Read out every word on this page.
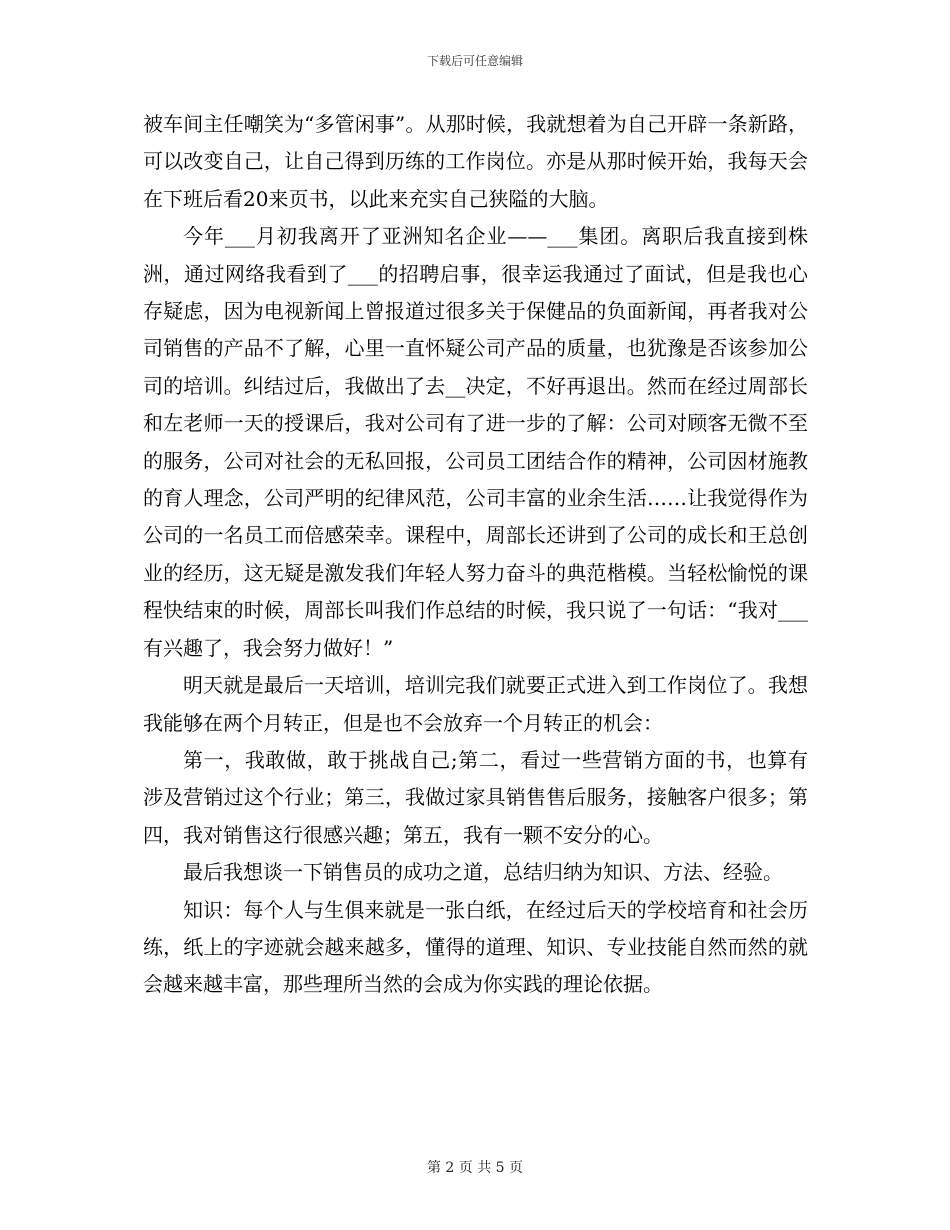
下载后可任意编辑

被车间主任嘲笑为“多管闲事”。从那时候，我就想着为自己开辟一条新路，可以改变自己，让自己得到历练的工作岗位。亦是从那时候开始，我每天会在下班后看20来页书，以此来充实自己狭隘的大脑。

今年___月初我离开了亚洲知名企业——___集团。离职后我直接到株洲，通过网络我看到了___的招聘启事，很幸运我通过了面试，但是我也心存疑虑，因为电视新闻上曾报道过很多关于保健品的负面新闻，再者我对公司销售的产品不了解，心里一直怀疑公司产品的质量，也犹豫是否该参加公司的培训。纠结过后，我做出了去__决定，不好再退出。然而在经过周部长和左老师一天的授课后，我对公司有了进一步的了解：公司对顾客无微不至的服务，公司对社会的无私回报，公司员工团结合作的精神，公司因材施教的育人理念，公司严明的纪律风范，公司丰富的业余生活……让我觉得作为公司的一名员工而倍感荣幸。课程中，周部长还讲到了公司的成长和王总创业的经历，这无疑是激发我们年轻人努力奋斗的典范楷模。当轻松愉悦的课程快结束的时候，周部长叫我们作总结的时候，我只说了一句话：“我对___有兴趣了，我会努力做好！”

明天就是最后一天培训，培训完我们就要正式进入到工作岗位了。我想我能够在两个月转正，但是也不会放弃一个月转正的机会：

第一，我敢做，敢于挑战自己;第二，看过一些营销方面的书，也算有涉及营销过这个行业；第三，我做过家具销售售后服务，接触客户很多；第四，我对销售这行很感兴趣；第五，我有一颗不安分的心。

最后我想谈一下销售员的成功之道，总结归纳为知识、方法、经验。

知识：每个人与生俱来就是一张白纸，在经过后天的学校培育和社会历练，纸上的字迹就会越来越多，懂得的道理、知识、专业技能自然而然的就会越来越丰富，那些理所当然的会成为你实践的理论依据。

第 2 页 共 5 页
